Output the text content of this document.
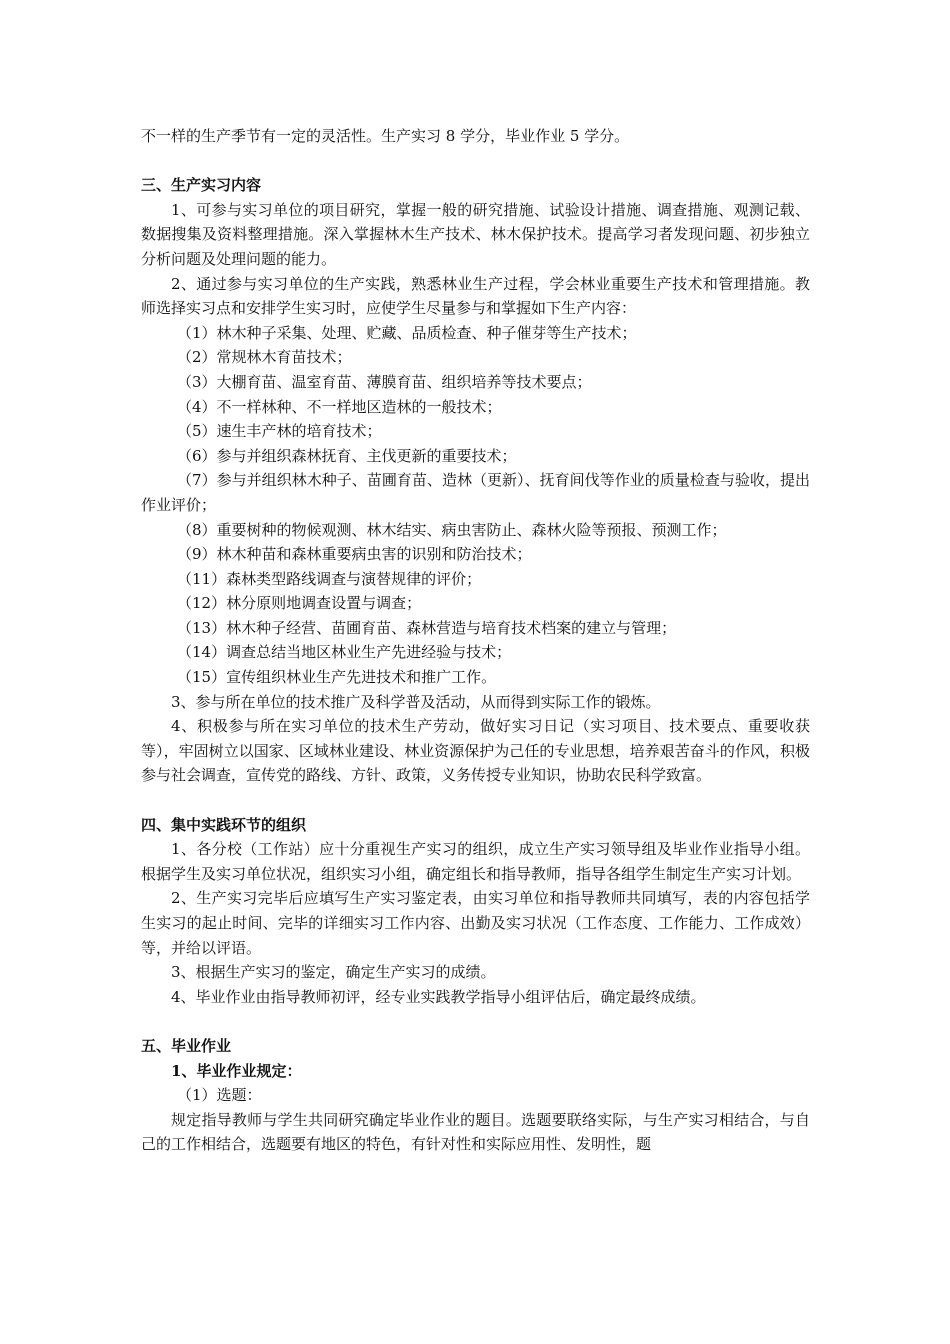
不一样的生产季节有一定的灵活性。生产实习 8 学分，毕业作业 5 学分。

三、生产实习内容

1、可参与实习单位的项目研究，掌握一般的研究措施、试验设计措施、调查措施、观测记载、数据搜集及资料整理措施。深入掌握林木生产技术、林木保护技术。提高学习者发现问题、初步独立分析问题及处理问题的能力。

2、通过参与实习单位的生产实践，熟悉林业生产过程，学会林业重要生产技术和管理措施。教师选择实习点和安排学生实习时，应使学生尽量参与和掌握如下生产内容：

（1）林木种子采集、处理、贮藏、品质检查、种子催芽等生产技术；

（2）常规林木育苗技术；

（3）大棚育苗、温室育苗、薄膜育苗、组织培养等技术要点；

（4）不一样林种、不一样地区造林的一般技术；

（5）速生丰产林的培育技术；

（6）参与并组织森林抚育、主伐更新的重要技术；

（7）参与并组织林木种子、苗圃育苗、造林（更新）、抚育间伐等作业的质量检查与验收，提出作业评价；

（8）重要树种的物候观测、林木结实、病虫害防止、森林火险等预报、预测工作；

（9）林木种苗和森林重要病虫害的识别和防治技术；

（11）森林类型路线调查与演替规律的评价；

（12）林分原则地调查设置与调查；

（13）林木种子经营、苗圃育苗、森林营造与培育技术档案的建立与管理；

（14）调查总结当地区林业生产先进经验与技术；

（15）宣传组织林业生产先进技术和推广工作。

3、参与所在单位的技术推广及科学普及活动，从而得到实际工作的锻炼。

4、积极参与所在实习单位的技术生产劳动，做好实习日记（实习项目、技术要点、重要收获等），牢固树立以国家、区域林业建设、林业资源保护为己任的专业思想，培养艰苦奋斗的作风，积极参与社会调查，宣传党的路线、方针、政策，义务传授专业知识，协助农民科学致富。

四、集中实践环节的组织

1、各分校（工作站）应十分重视生产实习的组织，成立生产实习领导组及毕业作业指导小组。根据学生及实习单位状况，组织实习小组，确定组长和指导教师，指导各组学生制定生产实习计划。

2、生产实习完毕后应填写生产实习鉴定表，由实习单位和指导教师共同填写，表的内容包括学生实习的起止时间、完毕的详细实习工作内容、出勤及实习状况（工作态度、工作能力、工作成效）等，并给以评语。

3、根据生产实习的鉴定，确定生产实习的成绩。

4、毕业作业由指导教师初评，经专业实践教学指导小组评估后，确定最终成绩。

五、毕业作业

1、毕业作业规定：

（1）选题：

规定指导教师与学生共同研究确定毕业作业的题目。选题要联络实际，与生产实习相结合，与自己的工作相结合，选题要有地区的特色，有针对性和实际应用性、发明性，题
